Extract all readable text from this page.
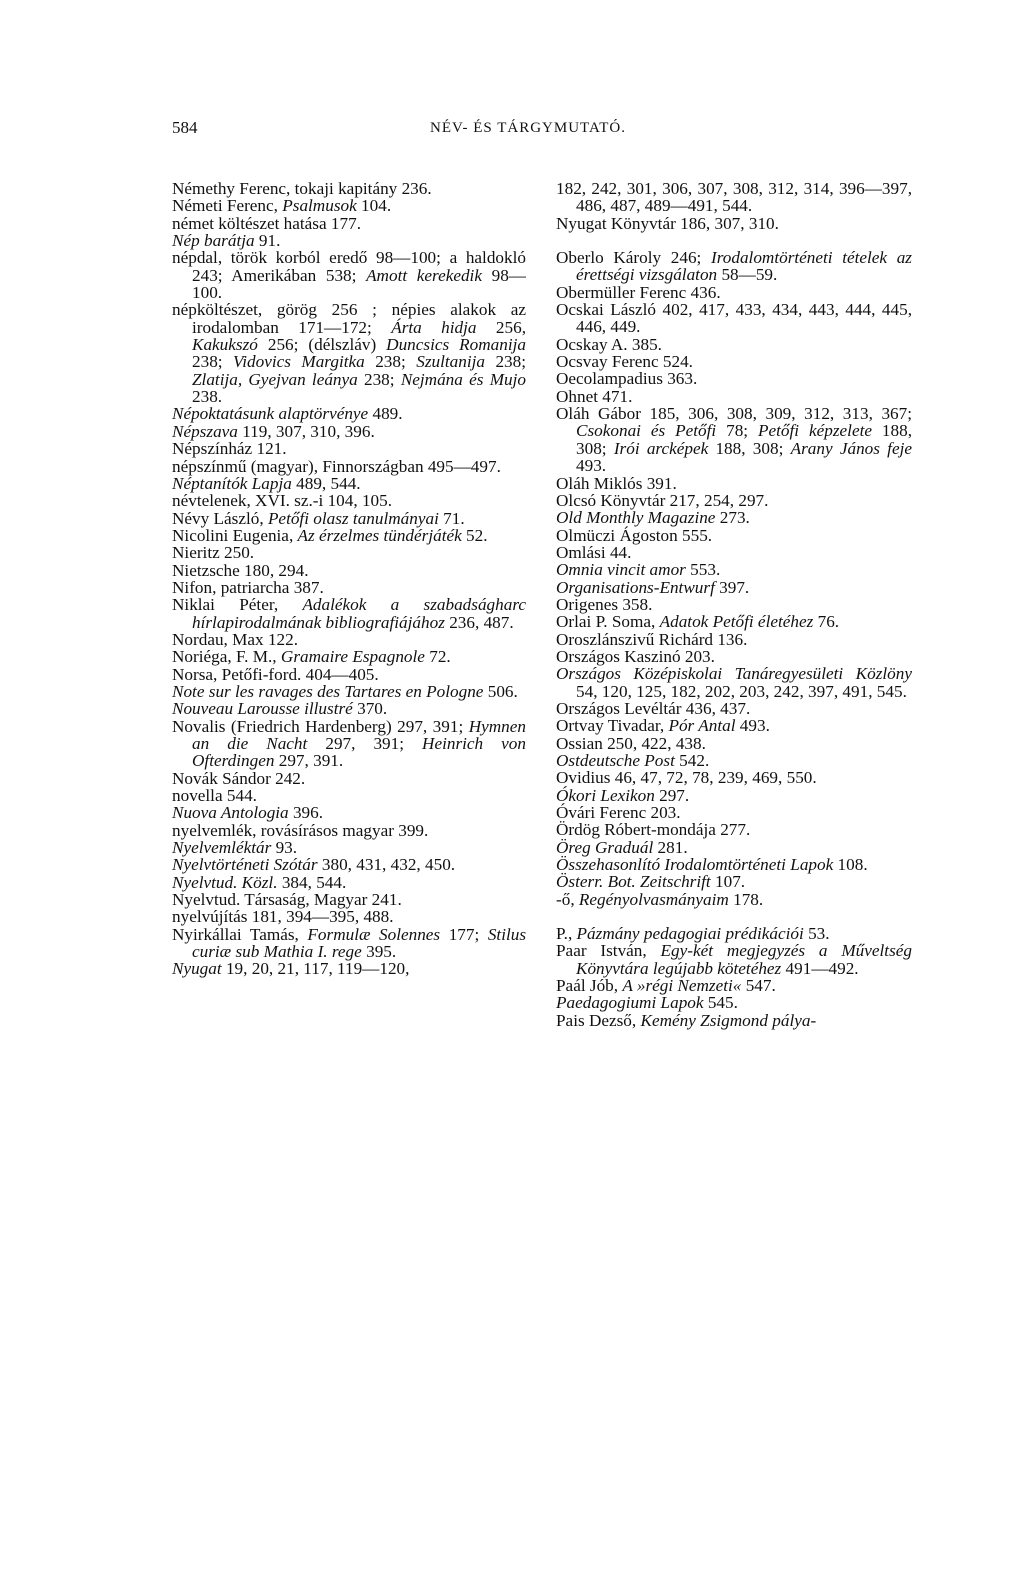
584	NÉV- ÉS TÁRGYMUTATÓ.
Némethy Ferenc, tokaji kapitány 236.
Németi Ferenc, Psalmusok 104.
német költészet hatása 177.
Nép barátja 91.
népdal, török korból eredő 98—100; a haldokló 243; Amerikában 538; Amott kerekedik 98—100.
népköltészet, görög 256 ; népies alakok az irodalomban 171—172; Árta hidja 256, Kakukszó 256; (délszláv) Duncsics Romanija 238; Vidovics Margitka 238; Szultanija 238; Zlatija, Gyejvan leánya 238; Nejmána és Mujo 238.
Népoktatásunk alaptörvénye 489.
Népszava 119, 307, 310, 396.
Népszínház 121.
népszínmű (magyar), Finnországban 495—497.
Néptanítók Lapja 489, 544.
névtelenek, XVI. sz.-i 104, 105.
Névy László, Petőfi olasz tanulmányai 71.
Nicolini Eugenia, Az érzelmes tündérjáték 52.
Nieritz 250.
Nietzsche 180, 294.
Nifon, patriarcha 387.
Niklai Péter, Adalékok a szabadságharc hírlapirodalmának bibliografiájához 236, 487.
Nordau, Max 122.
Noriéga, F. M., Gramaire Espagnole 72.
Norsa, Petőfi-ford. 404—405.
Note sur les ravages des Tartares en Pologne 506.
Nouveau Larousse illustré 370.
Novalis (Friedrich Hardenberg) 297, 391; Hymnen an die Nacht 297, 391; Heinrich von Ofterdingen 297, 391.
Novák Sándor 242.
novella 544.
Nuova Antologia 396.
nyelvemlék, rovásírásos magyar 399.
Nyelvemléktár 93.
Nyelvtörténeti Szótár 380, 431, 432, 450.
Nyelvtud. Közl. 384, 544.
Nyelvtud. Társaság, Magyar 241.
nyelvújítás 181, 394—395, 488.
Nyirkállai Tamás, Formulæ Solennes 177; Stilus curiæ sub Mathia I. rege 395.
Nyugat 19, 20, 21, 117, 119—120,
182, 242, 301, 306, 307, 308, 312, 314, 396—397, 486, 487, 489—491, 544.
Nyugat Könyvtár 186, 307, 310.
Oberlo Károly 246; Irodalomtörténeti tételek az érettségi vizsgálaton 58—59.
Obermüller Ferenc 436.
Ocskai László 402, 417, 433, 434, 443, 444, 445, 446, 449.
Ocskay A. 385.
Ocsvay Ferenc 524.
Oecolampadius 363.
Ohnet 471.
Oláh Gábor 185, 306, 308, 309, 312, 313, 367; Csokonai és Petőfi 78; Petőfi képzelete 188, 308; Irói arcképek 188, 308; Arany János feje 493.
Oláh Miklós 391.
Olcsó Könyvtár 217, 254, 297.
Old Monthly Magazine 273.
Olmüczi Ágoston 555.
Omlási 44.
Omnia vincit amor 553.
Organisations-Entwurf 397.
Origenes 358.
Orlai P. Soma, Adatok Petőfi életéhez 76.
Oroszlánszivű Richárd 136.
Országos Kaszinó 203.
Országos Középiskolai Tanáregyesületi Közlöny 54, 120, 125, 182, 202, 203, 242, 397, 491, 545.
Országos Levéltár 436, 437.
Ortvay Tivadar, Pór Antal 493.
Ossian 250, 422, 438.
Ostdeutsche Post 542.
Ovidius 46, 47, 72, 78, 239, 469, 550.
Ókori Lexikon 297.
Óvári Ferenc 203.
Ördög Róbert-mondája 277.
Öreg Graduál 281.
Összehasonlító Irodalomtörténeti Lapok 108.
Österr. Bot. Zeitschrift 107.
-ő, Regényolvasmányaim 178.
P., Pázmány pedagogiai prédikációi 53.
Paar István, Egy-két megjegyzés a Műveltség Könyvtára legújabb kötetéhez 491—492.
Paál Jób, A »régi Nemzeti« 547.
Paedagogiumi Lapok 545.
Pais Dezső, Kemény Zsigmond pálya-
